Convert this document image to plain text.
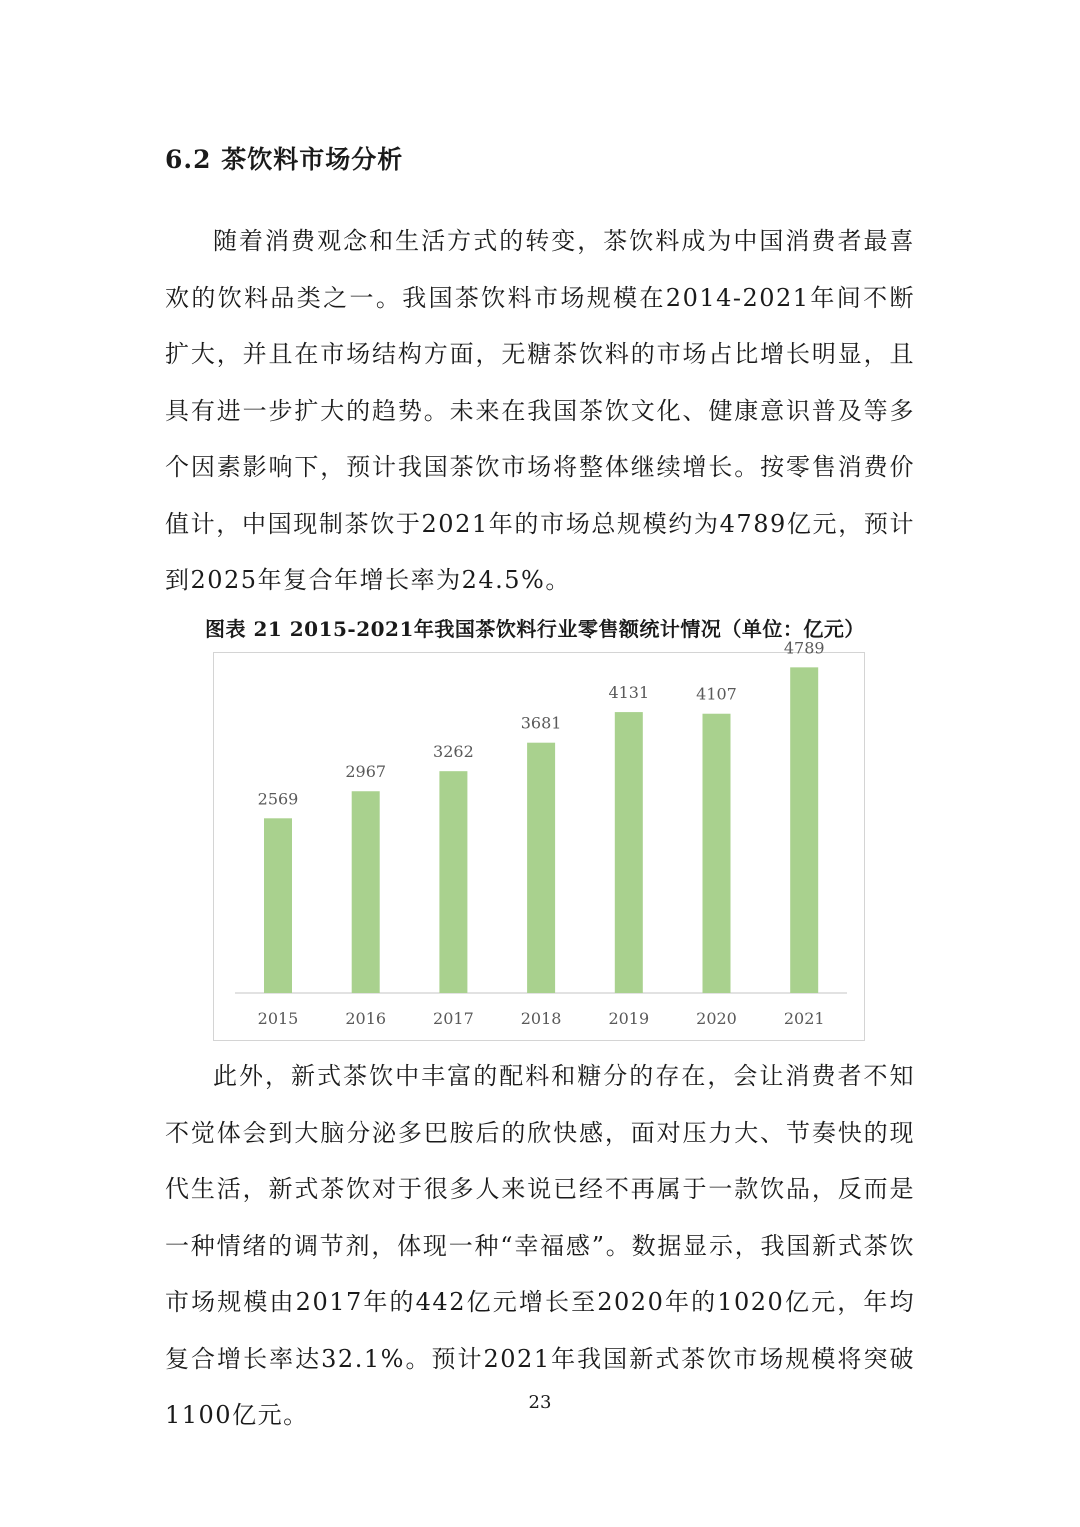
6.2 茶饮料市场分析

随着消费观念和生活方式的转变，茶饮料成为中国消费者最喜欢的饮料品类之一。我国茶饮料市场规模在2014-2021年间不断扩大，并且在市场结构方面，无糖茶饮料的市场占比增长明显，且具有进一步扩大的趋势。未来在我国茶饮文化、健康意识普及等多个因素影响下，预计我国茶饮市场将整体继续增长。按零售消费价值计，中国现制茶饮于2021年的市场总规模约为4789亿元，预计到2025年复合年增长率为24.5%。

图表 21 2015-2021年我国茶饮料行业零售额统计情况（单位：亿元）
2569
2015
2967
2016
3262
2017
3681
2018
4131
2019
4107
2020
4789
2021

此外，新式茶饮中丰富的配料和糖分的存在，会让消费者不知不觉体会到大脑分泌多巴胺后的欣快感，面对压力大、节奏快的现代生活，新式茶饮对于很多人来说已经不再属于一款饮品，反而是一种情绪的调节剂，体现一种“幸福感”。数据显示，我国新式茶饮市场规模由2017年的442亿元增长至2020年的1020亿元，年均复合增长率达32.1%。预计2021年我国新式茶饮市场规模将突破1100亿元。	23
